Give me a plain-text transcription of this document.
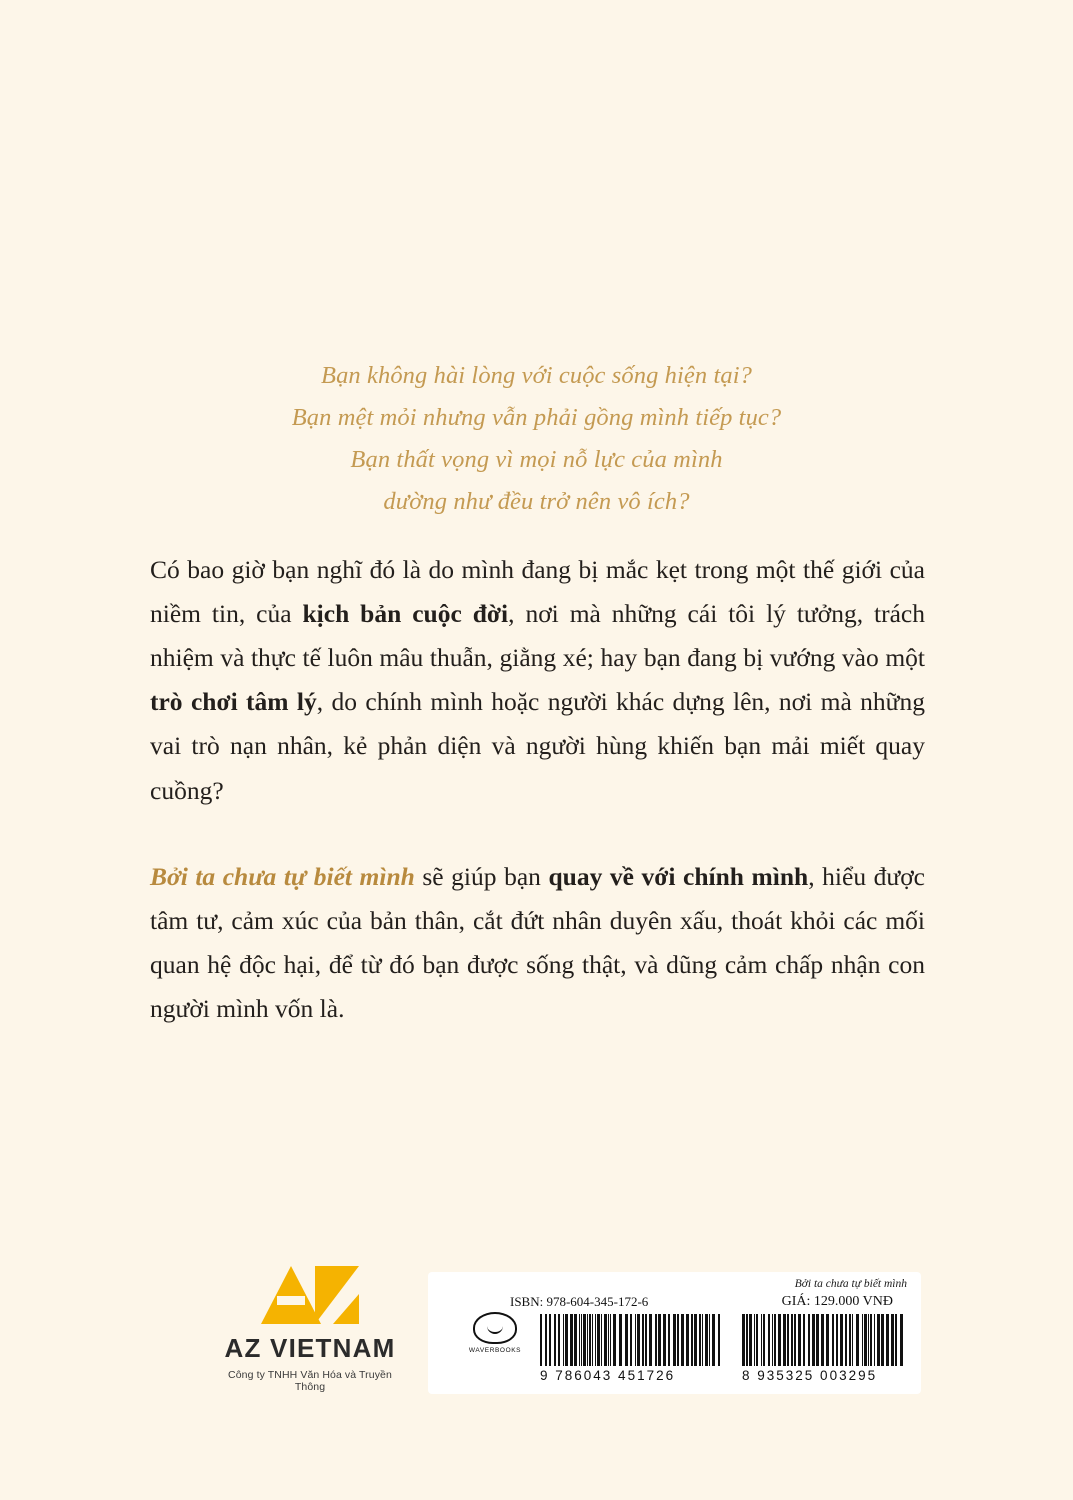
Bạn không hài lòng với cuộc sống hiện tại?
Bạn mệt mỏi nhưng vẫn phải gồng mình tiếp tục?
Bạn thất vọng vì mọi nỗ lực của mình
dường như đều trở nên vô ích?

Có bao giờ bạn nghĩ đó là do mình đang bị mắc kẹt trong một thế giới của niềm tin, của kịch bản cuộc đời, nơi mà những cái tôi lý tưởng, trách nhiệm và thực tế luôn mâu thuẫn, giằng xé; hay bạn đang bị vướng vào một trò chơi tâm lý, do chính mình hoặc người khác dựng lên, nơi mà những vai trò nạn nhân, kẻ phản diện và người hùng khiến bạn mải miết quay cuồng?

Bởi ta chưa tự biết mình sẽ giúp bạn quay về với chính mình, hiểu được tâm tư, cảm xúc của bản thân, cắt đứt nhân duyên xấu, thoát khỏi các mối quan hệ độc hại, để từ đó bạn được sống thật, và dũng cảm chấp nhận con người mình vốn là.

AZ VIETNAM
Công ty TNHH Văn Hóa và Truyền Thông
Bởi ta chưa tự biết mình
ISBN: 978-604-345-172-6	GIÁ: 129.000 VNĐ
WAVERBOOKS
9 786043 451726	8 935325 003295
